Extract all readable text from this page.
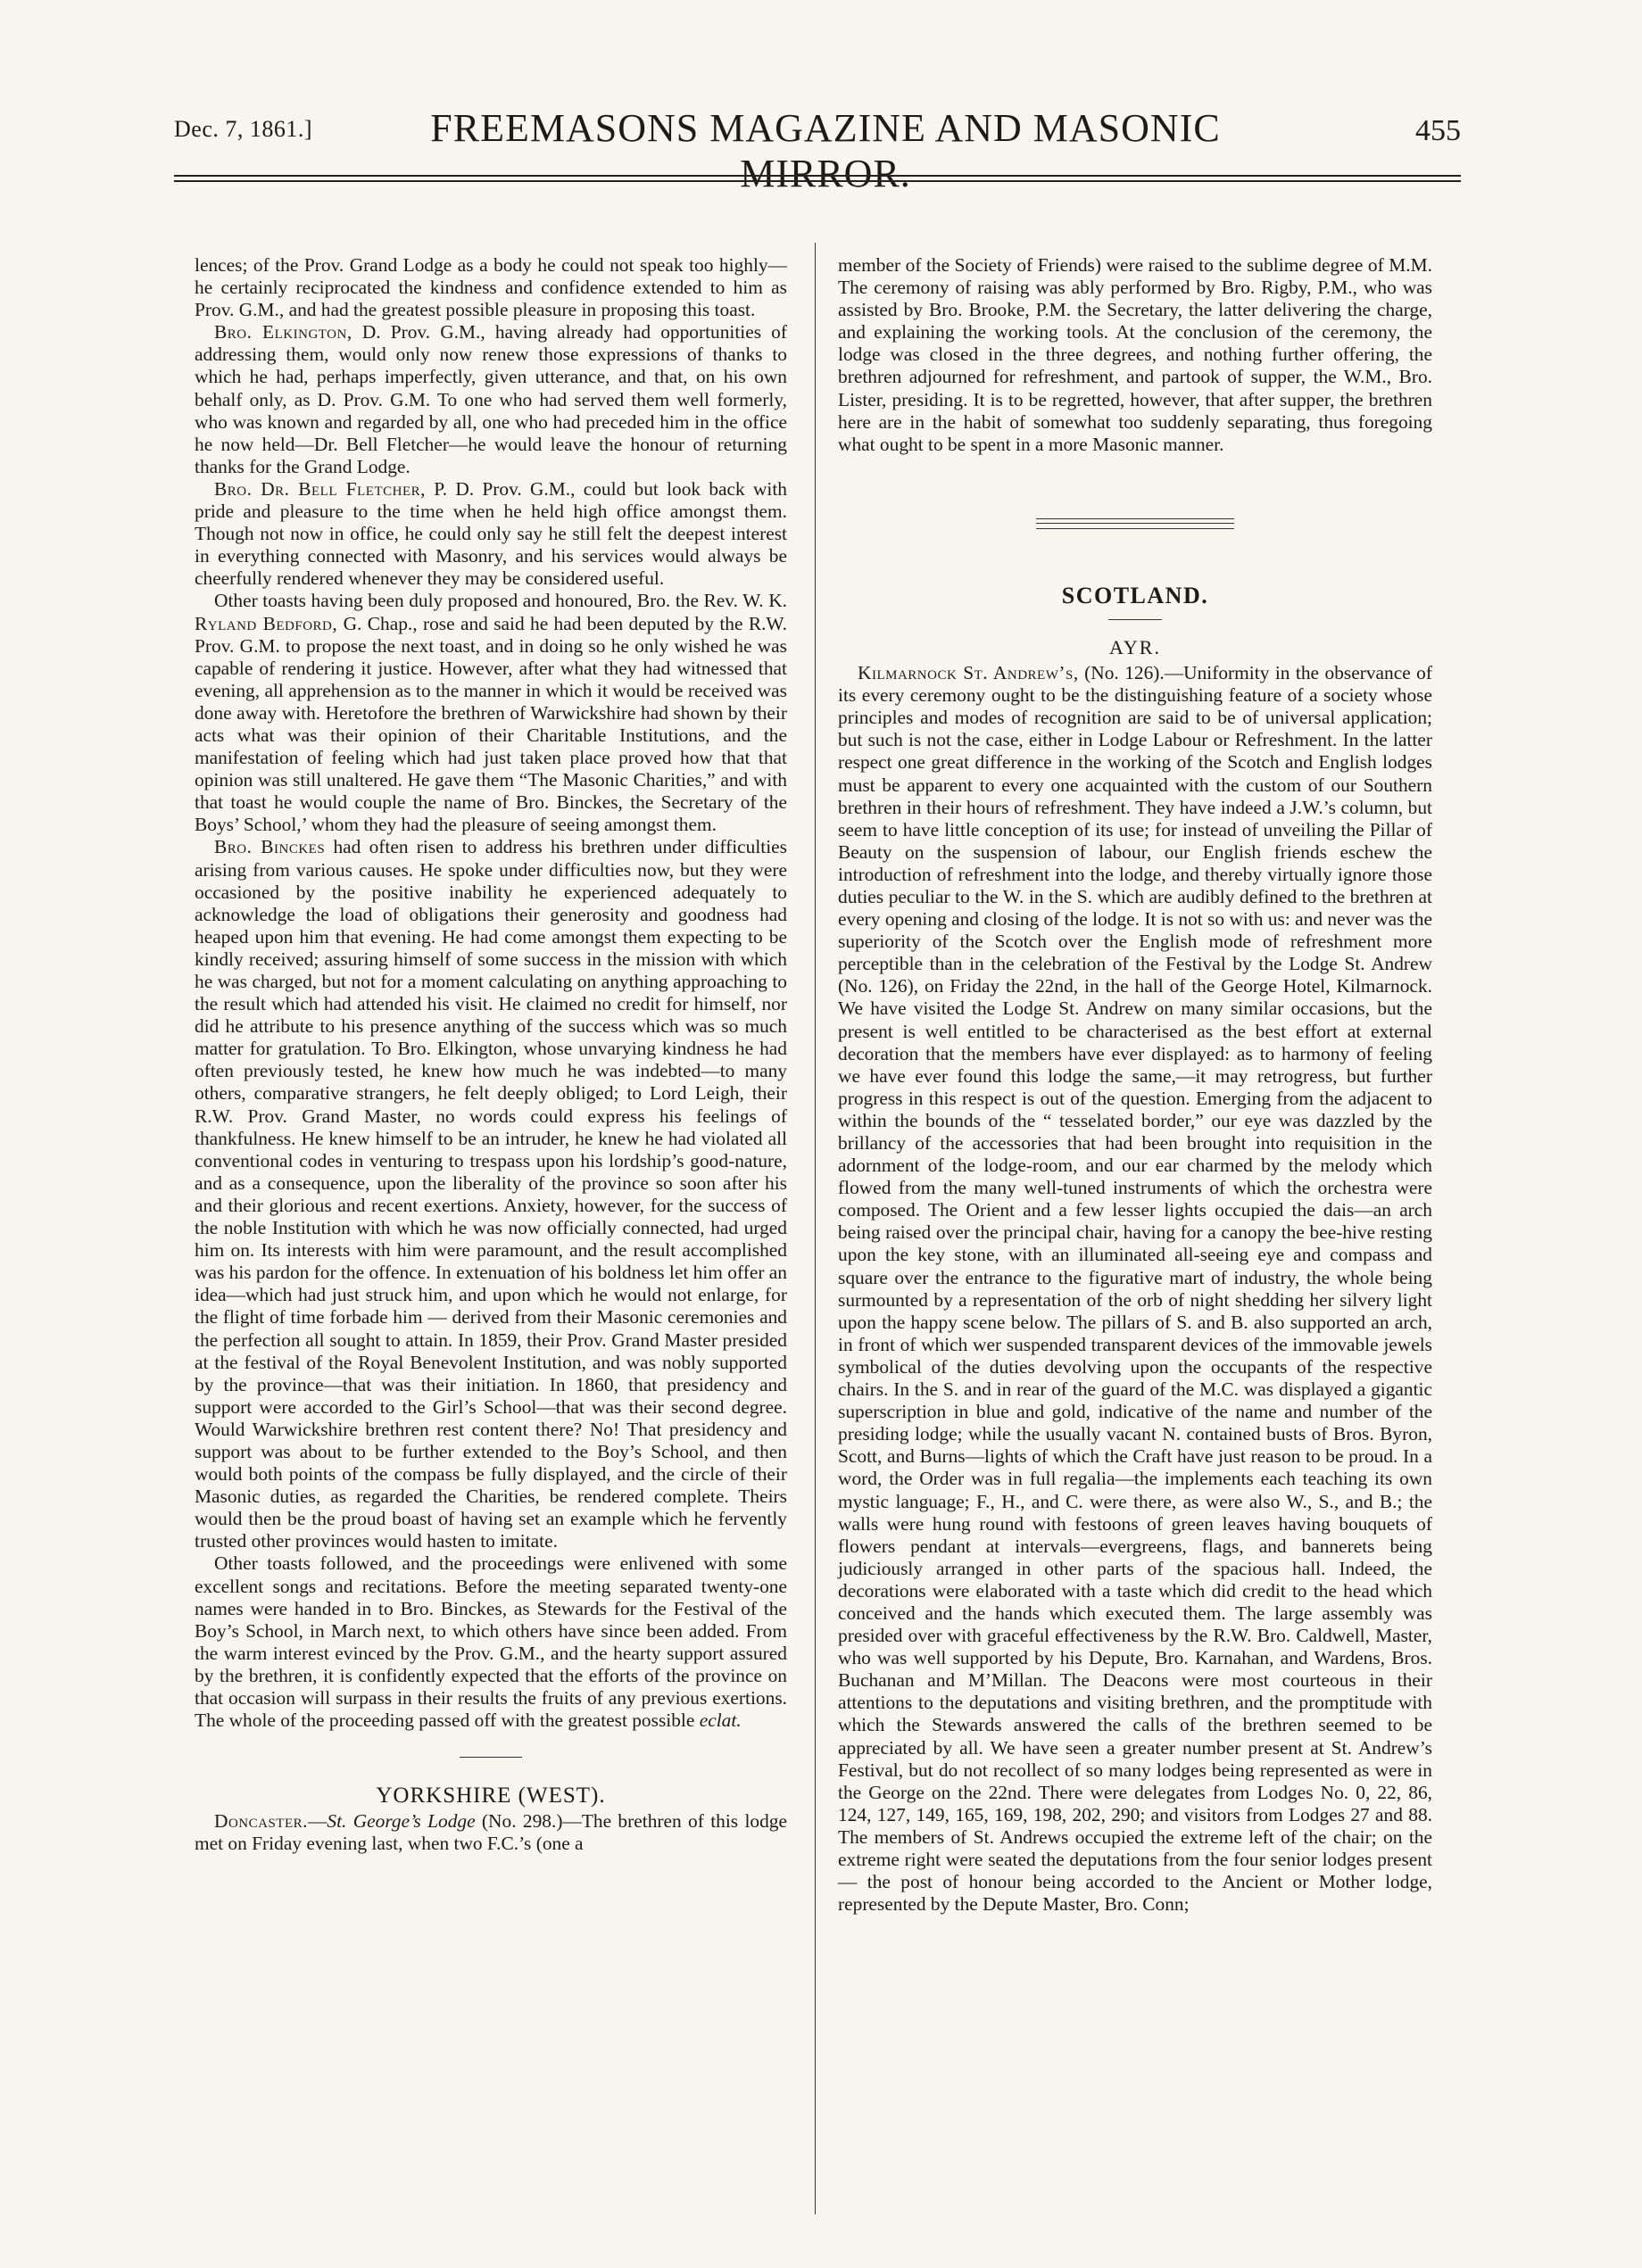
Dec. 7, 1861.]	FREEMASONS MAGAZINE AND MASONIC MIRROR.
455

lences; of the Prov. Grand Lodge as a body he could not speak too highly—he certainly reciprocated the kindness and confidence extended to him as Prov. G.M., and had the greatest possible pleasure in proposing this toast.

Bro. Elkington, D. Prov. G.M., having already had opportunities of addressing them, would only now renew those expressions of thanks to which he had, perhaps imperfectly, given utterance, and that, on his own behalf only, as D. Prov. G.M. To one who had served them well formerly, who was known and regarded by all, one who had preceded him in the office he now held—Dr. Bell Fletcher—he would leave the honour of returning thanks for the Grand Lodge.

Bro. Dr. Bell Fletcher, P. D. Prov. G.M., could but look back with pride and pleasure to the time when he held high office amongst them. Though not now in office, he could only say he still felt the deepest interest in everything connected with Masonry, and his services would always be cheerfully rendered whenever they may be considered useful.

Other toasts having been duly proposed and honoured, Bro. the Rev. W. K. Ryland Bedford, G. Chap., rose and said he had been deputed by the R.W. Prov. G.M. to propose the next toast, and in doing so he only wished he was capable of rendering it justice. However, after what they had witnessed that evening, all apprehension as to the manner in which it would be received was done away with. Heretofore the brethren of Warwickshire had shown by their acts what was their opinion of their Charitable Institutions, and the manifestation of feeling which had just taken place proved how that that opinion was still unaltered. He gave them “The Masonic Charities,” and with that toast he would couple the name of Bro. Binckes, the Secretary of the Boys’ School,’ whom they had the pleasure of seeing amongst them.

Bro. Binckes had often risen to address his brethren under difficulties arising from various causes. He spoke under difficulties now, but they were occasioned by the positive inability he experienced adequately to acknowledge the load of obligations their generosity and goodness had heaped upon him that evening. He had come amongst them expecting to be kindly received; assuring himself of some success in the mission with which he was charged, but not for a moment calculating on anything approaching to the result which had attended his visit. He claimed no credit for himself, nor did he attribute to his presence anything of the success which was so much matter for gratulation. To Bro. Elkington, whose unvarying kindness he had often previously tested, he knew how much he was indebted—to many others, comparative strangers, he felt deeply obliged; to Lord Leigh, their R.W. Prov. Grand Master, no words could express his feelings of thankfulness. He knew himself to be an intruder, he knew he had violated all conventional codes in venturing to trespass upon his lordship’s good-nature, and as a consequence, upon the liberality of the province so soon after his and their glorious and recent exertions. Anxiety, however, for the success of the noble Institution with which he was now officially connected, had urged him on. Its interests with him were paramount, and the result accomplished was his pardon for the offence. In extenuation of his boldness let him offer an idea—which had just struck him, and upon which he would not enlarge, for the flight of time forbade him — derived from their Masonic ceremonies and the perfection all sought to attain. In 1859, their Prov. Grand Master presided at the festival of the Royal Benevolent Institution, and was nobly supported by the province—that was their initiation. In 1860, that presidency and support were accorded to the Girl’s School—that was their second degree. Would Warwickshire brethren rest content there? No! That presidency and support was about to be further extended to the Boy’s School, and then would both points of the compass be fully displayed, and the circle of their Masonic duties, as regarded the Charities, be rendered complete. Theirs would then be the proud boast of having set an example which he fervently trusted other provinces would hasten to imitate.

Other toasts followed, and the proceedings were enlivened with some excellent songs and recitations. Before the meeting separated twenty-one names were handed in to Bro. Binckes, as Stewards for the Festival of the Boy’s School, in March next, to which others have since been added. From the warm interest evinced by the Prov. G.M., and the hearty support assured by the brethren, it is confidently expected that the efforts of the province on that occasion will surpass in their results the fruits of any previous exertions. The whole of the proceeding passed off with the greatest possible eclat.

YORKSHIRE (WEST).

Doncaster.—St. George’s Lodge (No. 298.)—The brethren of this lodge met on Friday evening last, when two F.C.’s (one a

member of the Society of Friends) were raised to the sublime degree of M.M. The ceremony of raising was ably performed by Bro. Rigby, P.M., who was assisted by Bro. Brooke, P.M. the Secretary, the latter delivering the charge, and explaining the working tools. At the conclusion of the ceremony, the lodge was closed in the three degrees, and nothing further offering, the brethren adjourned for refreshment, and partook of supper, the W.M., Bro. Lister, presiding. It is to be regretted, however, that after supper, the brethren here are in the habit of somewhat too suddenly separating, thus foregoing what ought to be spent in a more Masonic manner.

SCOTLAND.
AYR.

Kilmarnock St. Andrew’s, (No. 126).—Uniformity in the observance of its every ceremony ought to be the distinguishing feature of a society whose principles and modes of recognition are said to be of universal application; but such is not the case, either in Lodge Labour or Refreshment. In the latter respect one great difference in the working of the Scotch and English lodges must be apparent to every one acquainted with the custom of our Southern brethren in their hours of refreshment. They have indeed a J.W.’s column, but seem to have little conception of its use; for instead of unveiling the Pillar of Beauty on the suspension of labour, our English friends eschew the introduction of refreshment into the lodge, and thereby virtually ignore those duties peculiar to the W. in the S. which are audibly defined to the brethren at every opening and closing of the lodge. It is not so with us: and never was the superiority of the Scotch over the English mode of refreshment more perceptible than in the celebration of the Festival by the Lodge St. Andrew (No. 126), on Friday the 22nd, in the hall of the George Hotel, Kilmarnock. We have visited the Lodge St. Andrew on many similar occasions, but the present is well entitled to be characterised as the best effort at external decoration that the members have ever displayed: as to harmony of feeling we have ever found this lodge the same,—it may retrogress, but further progress in this respect is out of the question. Emerging from the adjacent to within the bounds of the “ tesselated border,” our eye was dazzled by the brillancy of the accessories that had been brought into requisition in the adornment of the lodge-room, and our ear charmed by the melody which flowed from the many well-tuned instruments of which the orchestra were composed. The Orient and a few lesser lights occupied the dais—an arch being raised over the principal chair, having for a canopy the bee-hive resting upon the key stone, with an illuminated all-seeing eye and compass and square over the entrance to the figurative mart of industry, the whole being surmounted by a representation of the orb of night shedding her silvery light upon the happy scene below. The pillars of S. and B. also supported an arch, in front of which wer suspended transparent devices of the immovable jewels symbolical of the duties devolving upon the occupants of the respective chairs. In the S. and in rear of the guard of the M.C. was displayed a gigantic superscription in blue and gold, indicative of the name and number of the presiding lodge; while the usually vacant N. contained busts of Bros. Byron, Scott, and Burns—lights of which the Craft have just reason to be proud. In a word, the Order was in full regalia—the implements each teaching its own mystic language; F., H., and C. were there, as were also W., S., and B.; the walls were hung round with festoons of green leaves having bouquets of flowers pendant at intervals—evergreens, flags, and bannerets being judiciously arranged in other parts of the spacious hall. Indeed, the decorations were elaborated with a taste which did credit to the head which conceived and the hands which executed them. The large assembly was presided over with graceful effectiveness by the R.W. Bro. Caldwell, Master, who was well supported by his Depute, Bro. Karnahan, and Wardens, Bros. Buchanan and M’Millan. The Deacons were most courteous in their attentions to the deputations and visiting brethren, and the promptitude with which the Stewards answered the calls of the brethren seemed to be appreciated by all. We have seen a greater number present at St. Andrew’s Festival, but do not recollect of so many lodges being represented as were in the George on the 22nd. There were delegates from Lodges No. 0, 22, 86, 124, 127, 149, 165, 169, 198, 202, 290; and visitors from Lodges 27 and 88. The members of St. Andrews occupied the extreme left of the chair; on the extreme right were seated the deputations from the four senior lodges present — the post of honour being accorded to the Ancient or Mother lodge, represented by the Depute Master, Bro. Conn;
